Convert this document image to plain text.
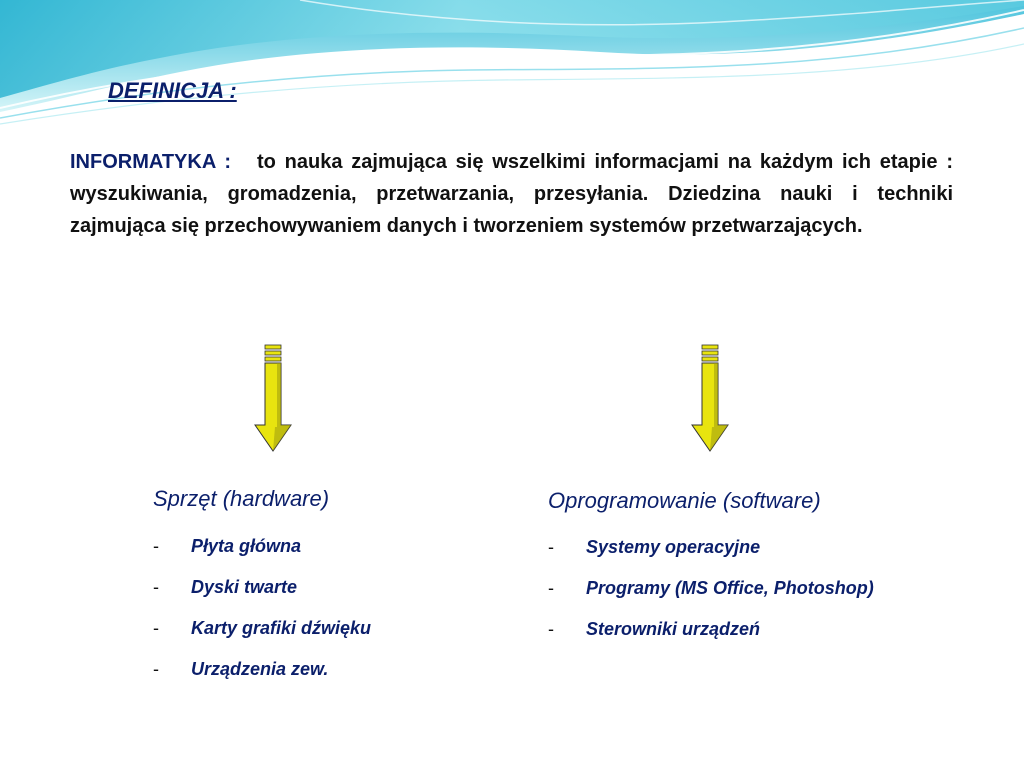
DEFINICJA :
INFORMATYKA : to nauka zajmująca się wszelkimi informacjami na każdym ich etapie : wyszukiwania, gromadzenia, przetwarzania, przesyłania. Dziedzina nauki i techniki zajmująca się przechowywaniem danych i tworzeniem systemów przetwarzających.
Sprzęt (hardware)
- Płyta główna
- Dyski twarte
- Karty grafiki dźwięku
- Urządzenia zew.
Oprogramowanie (software)
- Systemy operacyjne
- Programy (MS Office, Photoshop)
- Sterowniki urządzeń
